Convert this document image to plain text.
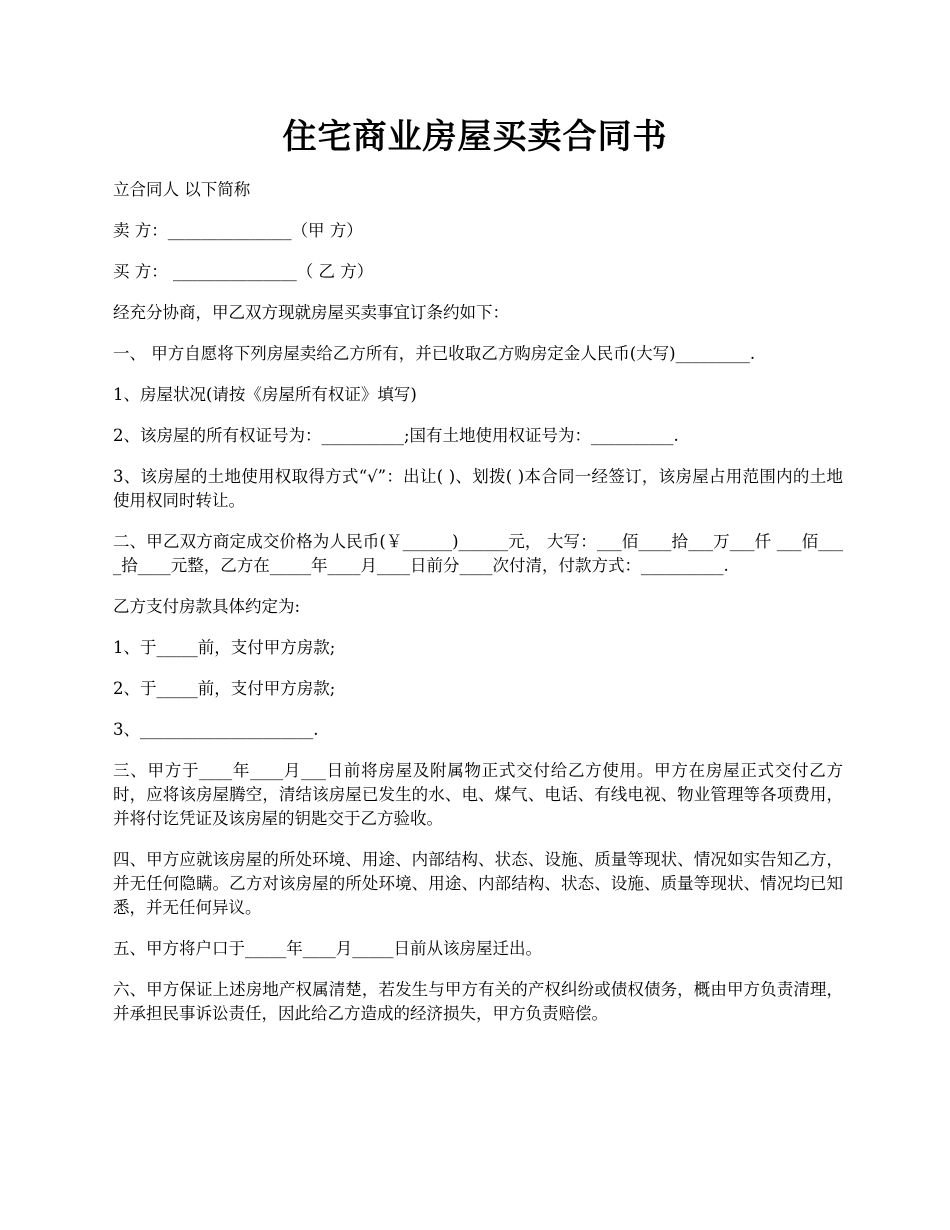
住宅商业房屋买卖合同书

立合同人 以下简称

卖 方：_______________（甲 方）

买 方： _______________（ 乙 方）

经充分协商，甲乙双方现就房屋买卖事宜订条约如下：

一、 甲方自愿将下列房屋卖给乙方所有，并已收取乙方购房定金人民币(大写)_________.

1、房屋状况(请按《房屋所有权证》填写)

2、该房屋的所有权证号为：__________;国有土地使用权证号为：__________.

3、该房屋的土地使用权取得方式“√”：出让( )、划拨( )本合同一经签订，该房屋占用范围内的土地使用权同时转让。

二、甲乙双方商定成交价格为人民币(￥______)______元， 大写：___佰____拾___万___仟 ___佰____拾____元整，乙方在_____年____月____日前分____次付清，付款方式：__________.

乙方支付房款具体约定为:

1、于_____前，支付甲方房款;

2、于_____前，支付甲方房款;

3、_____________________.

三、甲方于____年____月___日前将房屋及附属物正式交付给乙方使用。甲方在房屋正式交付乙方时，应将该房屋腾空，清结该房屋已发生的水、电、煤气、电话、有线电视、物业管理等各项费用，并将付讫凭证及该房屋的钥匙交于乙方验收。

四、甲方应就该房屋的所处环境、用途、内部结构、状态、设施、质量等现状、情况如实告知乙方，并无任何隐瞒。乙方对该房屋的所处环境、用途、内部结构、状态、设施、质量等现状、情况均已知悉，并无任何异议。

五、甲方将户口于_____年____月_____日前从该房屋迁出。

六、甲方保证上述房地产权属清楚，若发生与甲方有关的产权纠纷或债权债务，概由甲方负责清理，并承担民事诉讼责任，因此给乙方造成的经济损失，甲方负责赔偿。
